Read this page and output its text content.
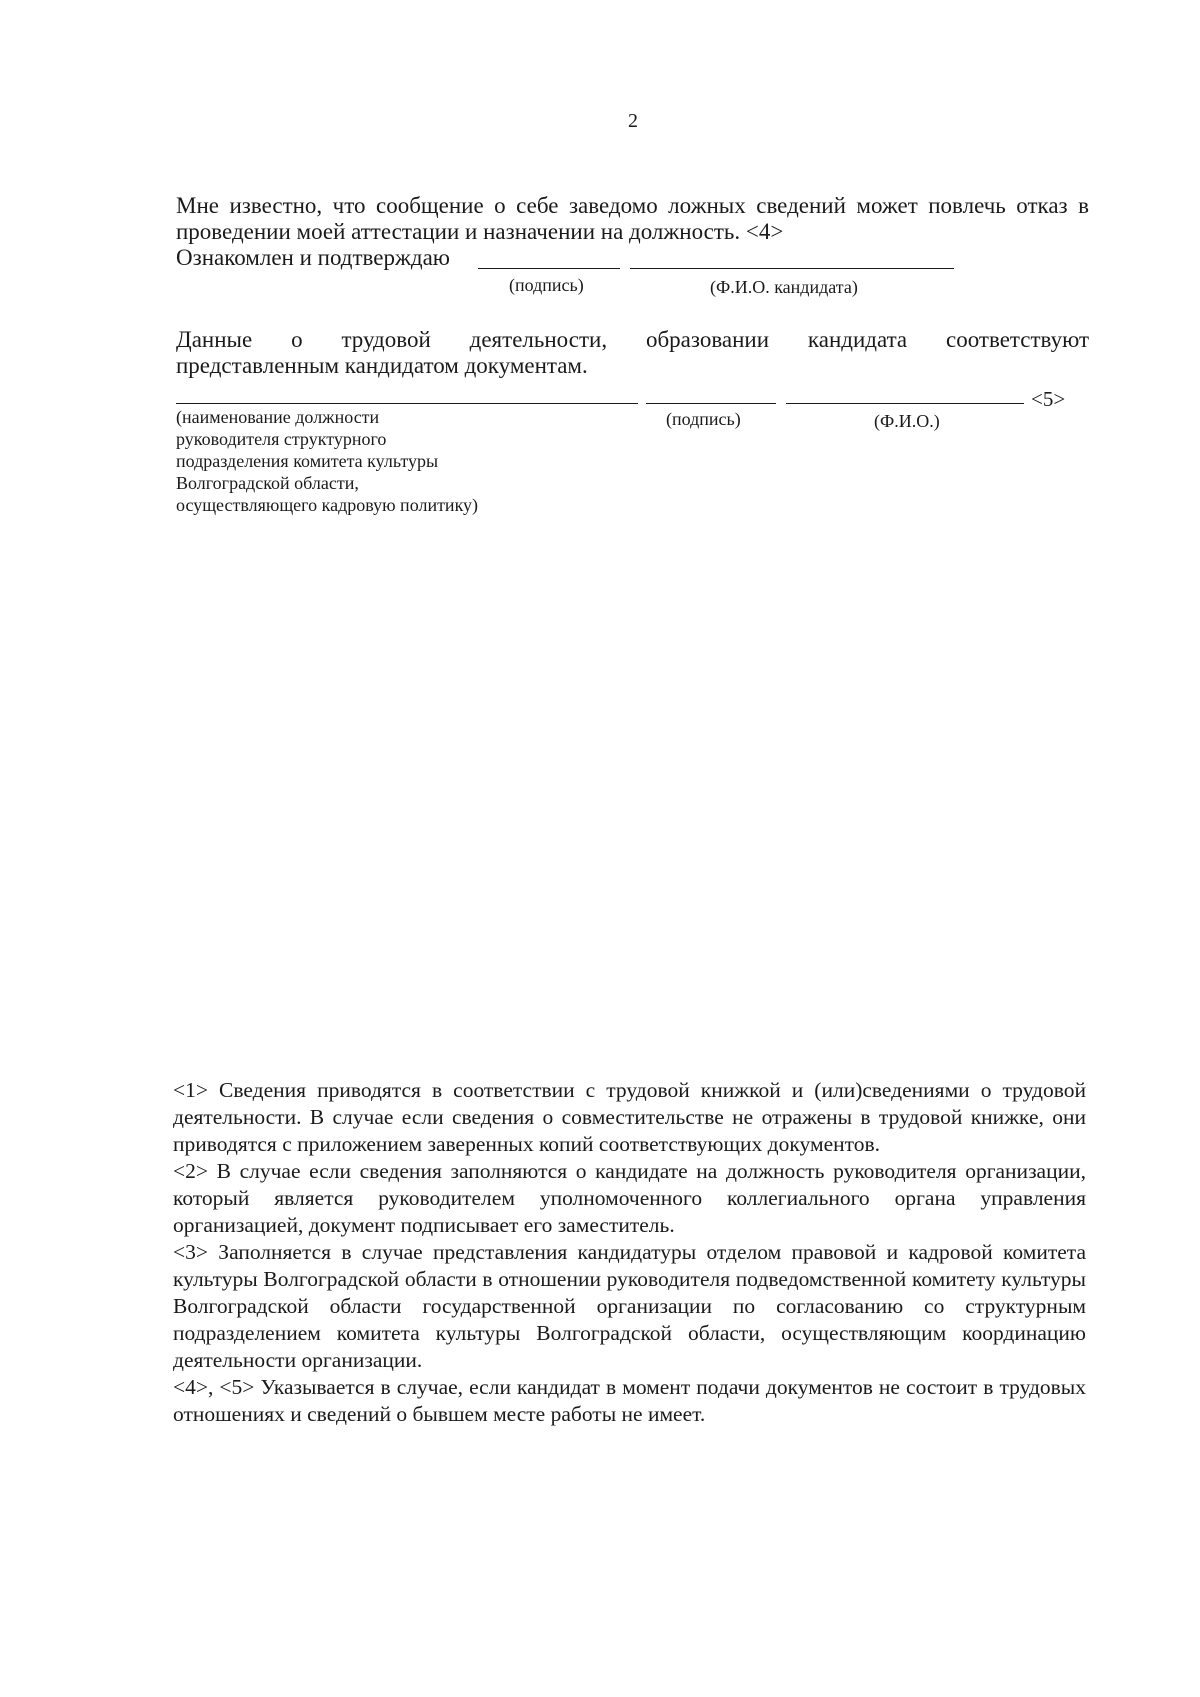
2
Мне известно, что сообщение о себе заведомо ложных сведений может повлечь отказ в
проведении моей аттестации и назначении на должность. <4>
Ознакомлен и подтверждаю
(подпись)	(Ф.И.О. кандидата)
Данные о трудовой деятельности, образовании кандидата соответствуют
представленным кандидатом документам.
<5>
(наименование должности
руководителя структурного
подразделения комитета культуры
Волгоградской области,
осуществляющего кадровую политику)
(подпись)	(Ф.И.О.)

<1> Сведения приводятся в соответствии с трудовой книжкой и (или)сведениями о трудовой деятельности. В случае если сведения о совместительстве не отражены в трудовой книжке, они приводятся с приложением заверенных копий соответствующих документов.

<2> В случае если сведения заполняются о кандидате на должность руководителя организации, который является руководителем уполномоченного коллегиального органа управления организацией, документ подписывает его заместитель.

<3> Заполняется в случае представления кандидатуры отделом правовой и кадровой комитета культуры Волгоградской области в отношении руководителя подведомственной комитету культуры Волгоградской области государственной организации по согласованию со структурным подразделением комитета культуры Волгоградской области, осуществляющим координацию деятельности организации.

<4>, <5> Указывается в случае, если кандидат в момент подачи документов не состоит в трудовых отношениях и сведений о бывшем месте работы не имеет.
